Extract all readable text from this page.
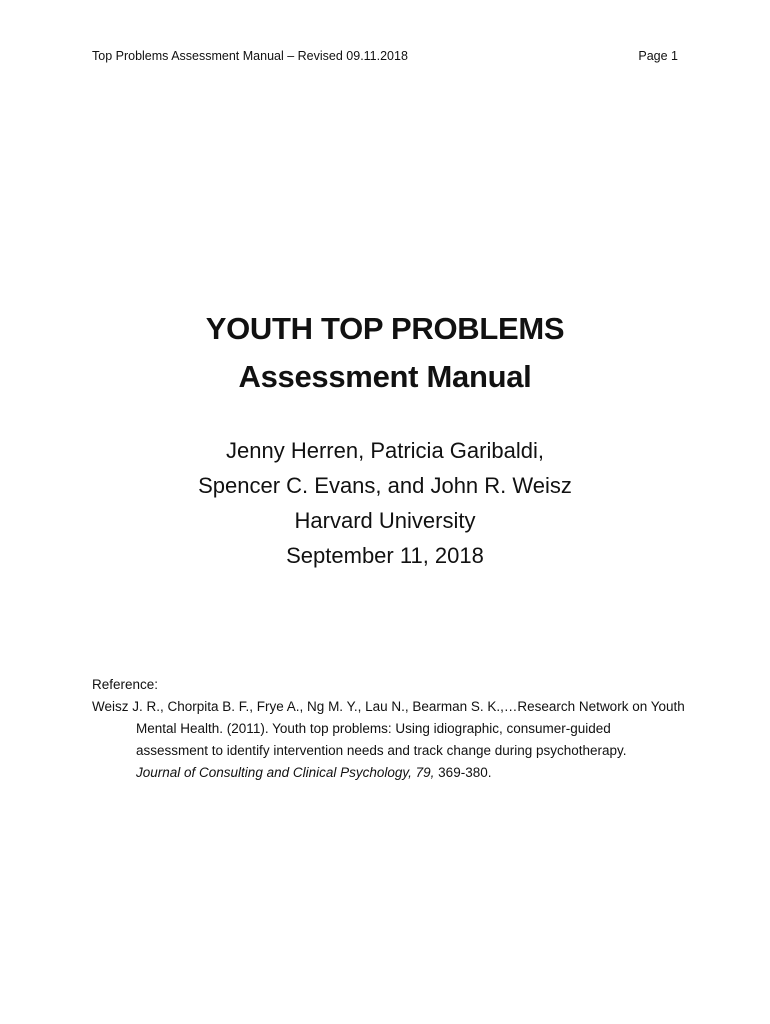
Top Problems Assessment Manual – Revised 09.11.2018	Page 1
YOUTH TOP PROBLEMS
Assessment Manual
Jenny Herren, Patricia Garibaldi,
Spencer C. Evans, and John R. Weisz
Harvard University
September 11, 2018
Reference:
Weisz J. R., Chorpita B. F., Frye A., Ng M. Y., Lau N., Bearman S. K.,…Research Network on Youth
Mental Health. (2011). Youth top problems: Using idiographic, consumer-guided
assessment to identify intervention needs and track change during psychotherapy.
Journal of Consulting and Clinical Psychology, 79, 369-380.
